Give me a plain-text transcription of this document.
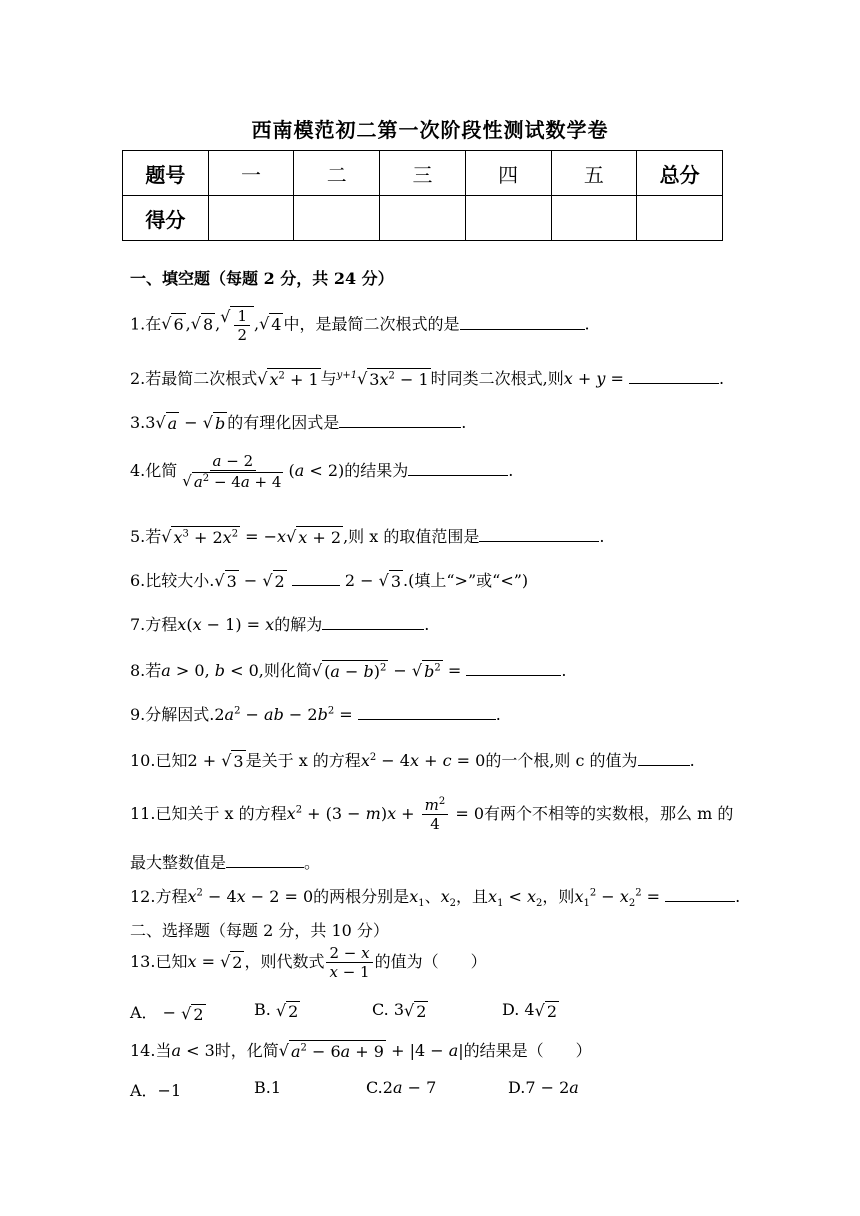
西南模范初二第一次阶段性测试数学卷
题号	一	二	三	四	五	总分
得分						
一、填空题（每题 2 分，共 24 分）
1.在 √ 6 , √ 8 , √ $\frac{1}{2}$ , √ 4 中，是最简二次根式的是	.
2.若最简二次根式 √ $x^2 + 1$ 与$^{y+1}$ √ $3x^2 - 1$ 时同类二次根式,则x + y =	.
3.3 √ a − √ b 的有理化因式是	.
4.化简 $\frac{a - 2}{√ a^2 - 4a + 4} (a < 2)$的结果为	.
5.若 √ $x^3 + 2x^2 = -x$ √ x + 2 ,则 x 的取值范围是	.
6.比较大小. √ 3 − √ 2	2 − √ 3 .(填上“>”或“<”)
7.方程x(x − 1) = x的解为	.
8.若a > 0, b < 0,则化简 √ $(a - b)^2$ − √ $b^2$ =	.
9.分解因式$.2a^2$ − ab − $2b^2$ =	.
10.已知2 + √ 3 是关于 x 的方程$x^2 - 4x + c = 0$的一个根,则 c 的值为	.
11.已知关于 x 的方程$x^2 + (3 - m)x + \frac{m^2}{4} = 0$有两个不相等的实数根，那么 m 的
最大整数值是	。
12.方程$x^2 - 4x - 2 = 0$的两根分别是$x_1$、$x_2$，且$x_1 < x_2$，则$x_1^2 - x_2^2$ =	.
二、选择题（每题 2 分，共 10 分）
13.已知x = √ 2 ，则代数式 $\frac{2 - x}{x - 1}$ 的值为（　　）
A． − √ 2	B. √ 2	C. 3 √ 2	D. 4 √ 2
14.当a < 3时，化简 √ $a^2 - 6a + 9 + |4 - a|$的结果是（　　）
A．−1	B.1	C.2a − 7	D.7 − 2a
